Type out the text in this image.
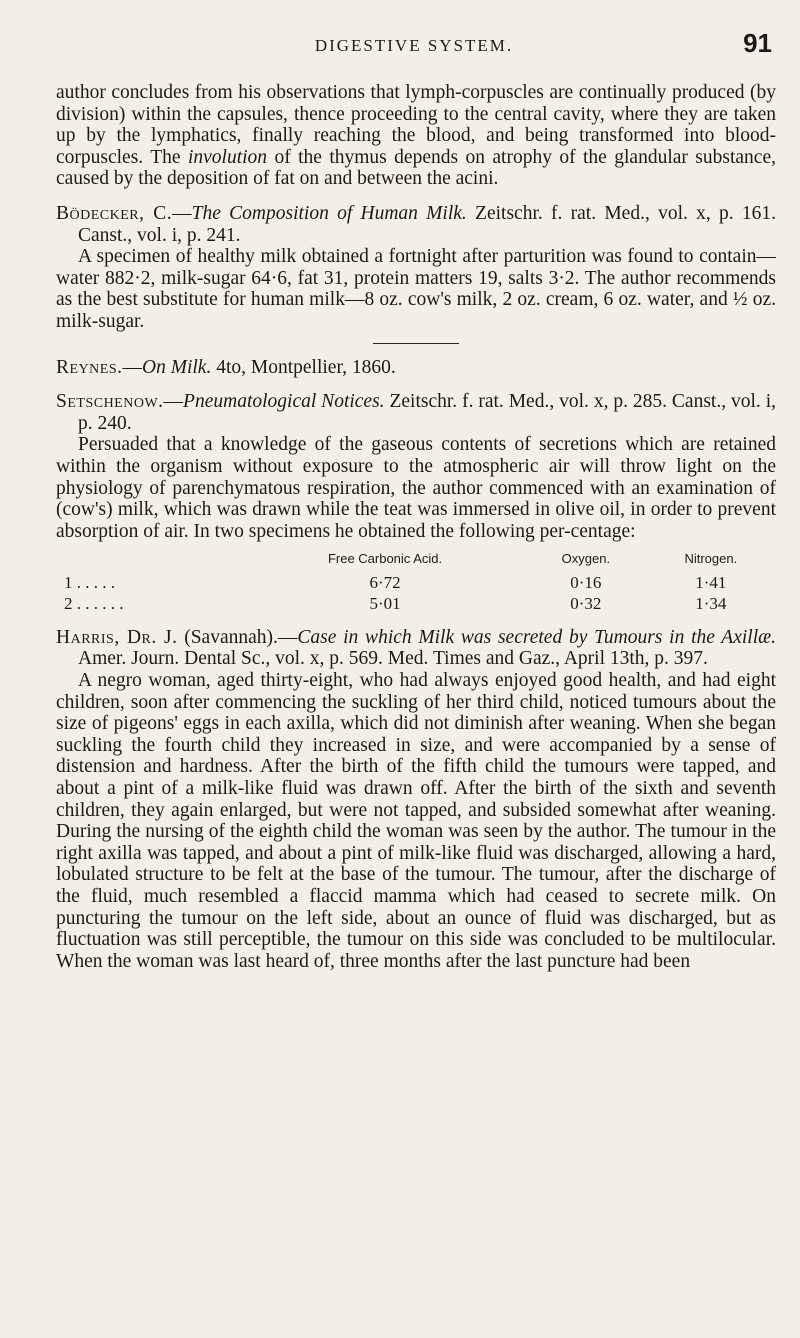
DIGESTIVE SYSTEM.	91

author concludes from his observations that lymph-corpuscles are continually produced (by division) within the capsules, thence proceeding to the central cavity, where they are taken up by the lymphatics, finally reaching the blood, and being transformed into blood-corpuscles. The involution of the thymus depends on atrophy of the glandular substance, caused by the deposition of fat on and between the acini.

Bödecker, C.—The Composition of Human Milk. Zeitschr. f. rat. Med., vol. x, p. 161. Canst., vol. i, p. 241.

A specimen of healthy milk obtained a fortnight after parturition was found to contain—water 882·2, milk-sugar 64·6, fat 31, protein matters 19, salts 3·2. The author recommends as the best substitute for human milk—8 oz. cow's milk, 2 oz. cream, 6 oz. water, and ½ oz. milk-sugar.

Reynes.—On Milk. 4to, Montpellier, 1860.

Setschenow.—Pneumatological Notices. Zeitschr. f. rat. Med., vol. x, p. 285. Canst., vol. i, p. 240.

Persuaded that a knowledge of the gaseous contents of secretions which are retained within the organism without exposure to the atmospheric air will throw light on the physiology of parenchymatous respiration, the author commenced with an examination of (cow's) milk, which was drawn while the teat was immersed in olive oil, in order to prevent absorption of air. In two specimens he obtained the following per-centage:

	Free Carbonic Acid.	Oxygen.	Nitrogen.
1 . . . . .	6·72	0·16	1·41
2 . . . . . .	5·01	0·32	1·34

Harris, Dr. J. (Savannah).—Case in which Milk was secreted by Tumours in the Axillæ. Amer. Journ. Dental Sc., vol. x, p. 569. Med. Times and Gaz., April 13th, p. 397.

A negro woman, aged thirty-eight, who had always enjoyed good health, and had eight children, soon after commencing the suckling of her third child, noticed tumours about the size of pigeons' eggs in each axilla, which did not diminish after weaning. When she began suckling the fourth child they increased in size, and were accompanied by a sense of distension and hardness. After the birth of the fifth child the tumours were tapped, and about a pint of a milk-like fluid was drawn off. After the birth of the sixth and seventh children, they again enlarged, but were not tapped, and subsided somewhat after weaning. During the nursing of the eighth child the woman was seen by the author. The tumour in the right axilla was tapped, and about a pint of milk-like fluid was discharged, allowing a hard, lobulated structure to be felt at the base of the tumour. The tumour, after the discharge of the fluid, much resembled a flaccid mamma which had ceased to secrete milk. On puncturing the tumour on the left side, about an ounce of fluid was discharged, but as fluctuation was still perceptible, the tumour on this side was concluded to be multilocular. When the woman was last heard of, three months after the last puncture had been
